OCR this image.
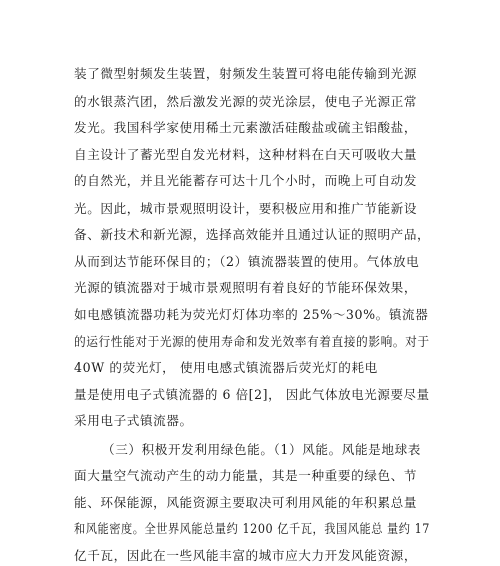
装了微型射频发生装置，射频发生装置可将电能传输到光源
的水银蒸汽团，然后激发光源的荧光涂层，使电子光源正常
发光。我国科学家使用稀土元素激活硅酸盐或硫主铝酸盐，
自主设计了蓄光型自发光材料，这种材料在白天可吸收大量
的自然光，并且光能蓄存可达十几个小时，而晚上可自动发
光。因此，城市景观照明设计，要积极应用和推广节能新设
备、新技术和新光源，选择高效能并且通过认证的照明产品，
从而到达节能环保目的；（2）镇流器装置的使用。气体放电
光源的镇流器对于城市景观照明有着良好的节能环保效果，
如电感镇流器功耗为荧光灯灯体功率的 25%～30%。镇流器
的运行性能对于光源的使用寿命和发光效率有着直接的影响。对于
40W 的荧光灯， 使用电感式镇流器后荧光灯的耗电
量是使用电子式镇流器的 6 倍[2]， 因此气体放电光源要尽量
采用电子式镇流器。
（三）积极开发利用绿色能。（1）风能。风能是地球表
面大量空气流动产生的动力能量，其是一种重要的绿色、节
能、环保能源，风能资源主要取决可利用风能的年积累总量
和风能密度。全世界风能总量约 1200 亿千瓦，我国风能总 量约 17
亿千瓦，因此在一些风能丰富的城市应大力开发风能资源，
